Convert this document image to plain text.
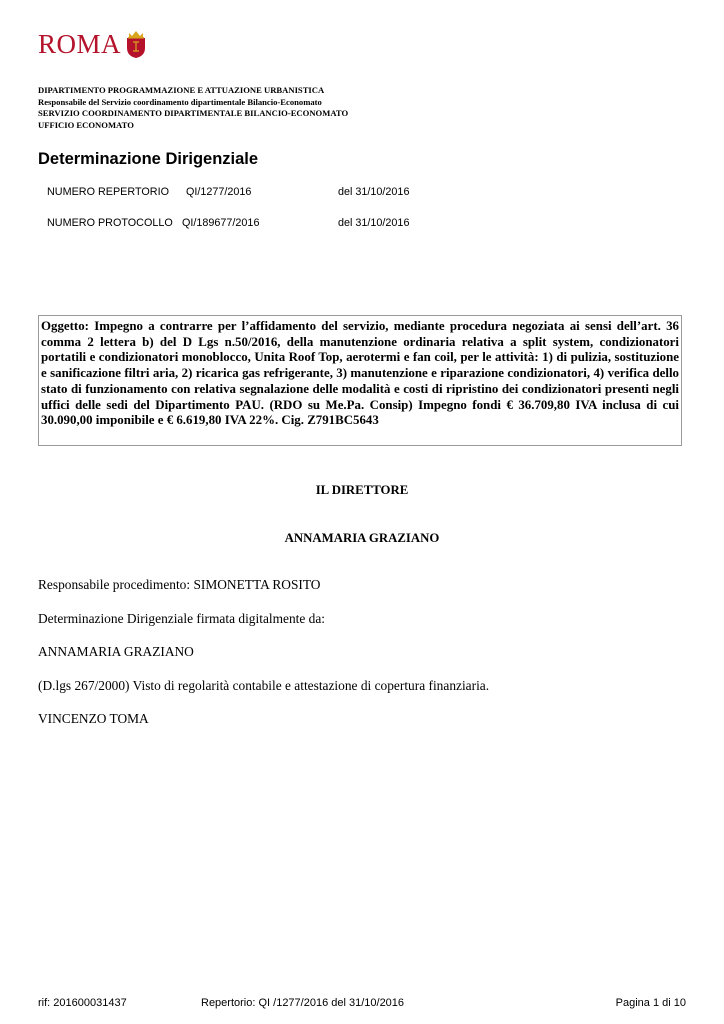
ROMA
DIPARTIMENTO PROGRAMMAZIONE E ATTUAZIONE URBANISTICA
Responsabile del Servizio coordinamento dipartimentale Bilancio-Economato
SERVIZIO COORDINAMENTO DIPARTIMENTALE BILANCIO-ECONOMATO
UFFICIO ECONOMATO
Determinazione Dirigenziale
NUMERO REPERTORIO QI/1277/2016	del 31/10/2016
NUMERO PROTOCOLLO QI/189677/2016	del 31/10/2016
Oggetto: Impegno a contrarre per l’affidamento del servizio, mediante procedura negoziata ai sensi dell’art. 36 comma 2 lettera b) del D Lgs n.50/2016, della manutenzione ordinaria relativa a split system, condizionatori portatili e condizionatori monoblocco, Unita Roof Top, aerotermi e fan coil, per le attività: 1) di pulizia, sostituzione e sanificazione filtri aria, 2) ricarica gas refrigerante, 3) manutenzione e riparazione condizionatori, 4) verifica dello stato di funzionamento con relativa segnalazione delle modalità e costi di ripristino dei condizionatori presenti negli uffici delle sedi del Dipartimento PAU. (RDO su Me.Pa. Consip) Impegno fondi € 36.709,80 IVA inclusa di cui 30.090,00 imponibile e € 6.619,80 IVA 22%. Cig. Z791BC5643
IL DIRETTORE
ANNAMARIA GRAZIANO
Responsabile procedimento: SIMONETTA ROSITO
Determinazione Dirigenziale firmata digitalmente da:
ANNAMARIA GRAZIANO
(D.lgs 267/2000) Visto di regolarità contabile e attestazione di copertura finanziaria.
VINCENZO TOMA
rif: 201600031437	Repertorio: QI /1277/2016 del 31/10/2016	Pagina 1 di 10
